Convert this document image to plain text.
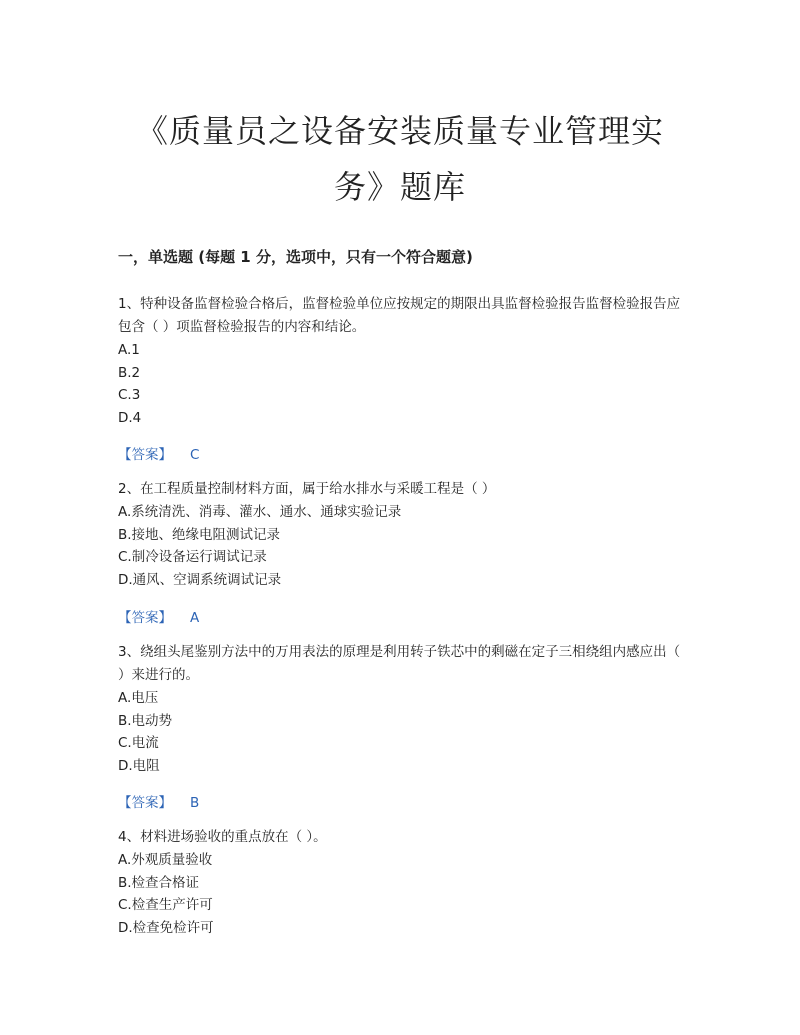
《质量员之设备安装质量专业管理实
务》题库
一，单选题 (每题 1 分，选项中，只有一个符合题意)

1、特种设备监督检验合格后，监督检验单位应按规定的期限出具监督检验报告监督检验报告应包含（ ）项监督检验报告的内容和结论。

A.1

B.2

C.3

D.4

【答案】 C

2、在工程质量控制材料方面，属于给水排水与采暖工程是（ ）

A.系统清洗、消毒、灌水、通水、通球实验记录

B.接地、绝缘电阻测试记录

C.制冷设备运行调试记录

D.通风、空调系统调试记录

【答案】 A

3、绕组头尾鉴别方法中的万用表法的原理是利用转子铁芯中的剩磁在定子三相绕组内感应出（ ）来进行的。

A.电压

B.电动势

C.电流

D.电阻

【答案】 B

4、材料进场验收的重点放在（ ）。

A.外观质量验收

B.检查合格证

C.检查生产许可

D.检查免检许可
